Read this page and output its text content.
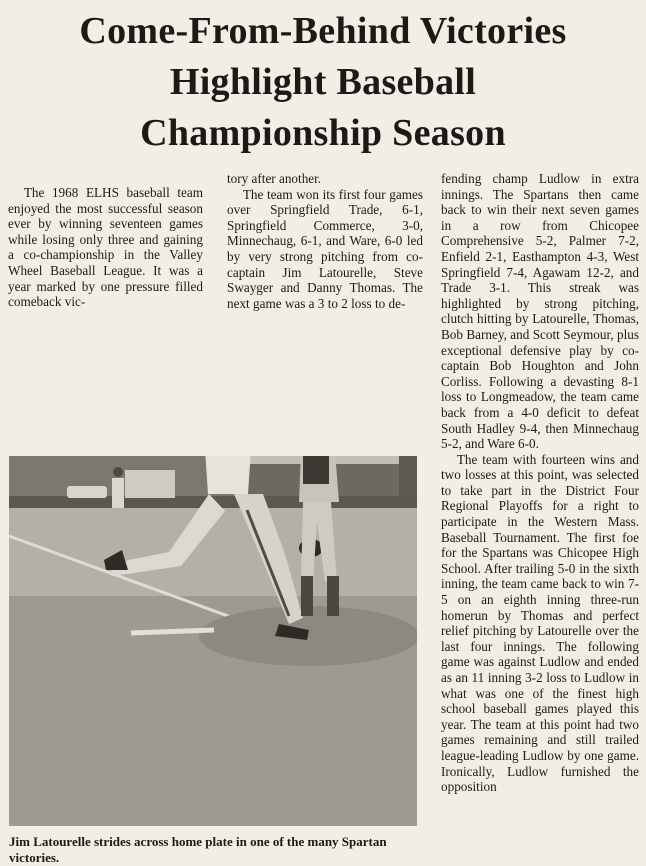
Come-From-Behind Victories
Highlight Baseball
Championship Season

The 1968 ELHS baseball team enjoyed the most successful season ever by winning seventeen games while losing only three and gaining a co-championship in the Valley Wheel Baseball League. It was a year marked by one pressure filled comeback vic-

tory after another.

The team won its first four games over Springfield Trade, 6-1, Springfield Commerce, 3-0, Minnechaug, 6-1, and Ware, 6-0 led by very strong pitching from co-captain Jim Latourelle, Steve Swayger and Danny Thomas. The next game was a 3 to 2 loss to de-

fending champ Ludlow in extra innings. The Spartans then came back to win their next seven games in a row from Chicopee Comprehensive 5-2, Palmer 7-2, Enfield 2-1, Easthampton 4-3, West Springfield 7-4, Agawam 12-2, and Trade 3-1. This streak was highlighted by strong pitching, clutch hitting by Latourelle, Thomas, Bob Barney, and Scott Seymour, plus exceptional defensive play by co-captain Bob Houghton and John Corliss. Following a devasting 8-1 loss to Longmeadow, the team came back from a 4-0 deficit to defeat South Hadley 9-4, then Minnechaug 5-2, and Ware 6-0.

The team with fourteen wins and two losses at this point, was selected to take part in the District Four Regional Playoffs for a right to participate in the Western Mass. Baseball Tournament. The first foe for the Spartans was Chicopee High School. After trailing 5-0 in the sixth inning, the team came back to win 7-5 on an eighth inning three-run homerun by Thomas and perfect relief pitching by Latourelle over the last four innings. The following game was against Ludlow and ended as an 11 inning 3-2 loss to Ludlow in what was one of the finest high school baseball games played this year. The team at this point had two games remaining and still trailed league-leading Ludlow by one game. Ironically, Ludlow furnished the opposition

Jim Latourelle strides across home plate in one of the many Spartan victories.
